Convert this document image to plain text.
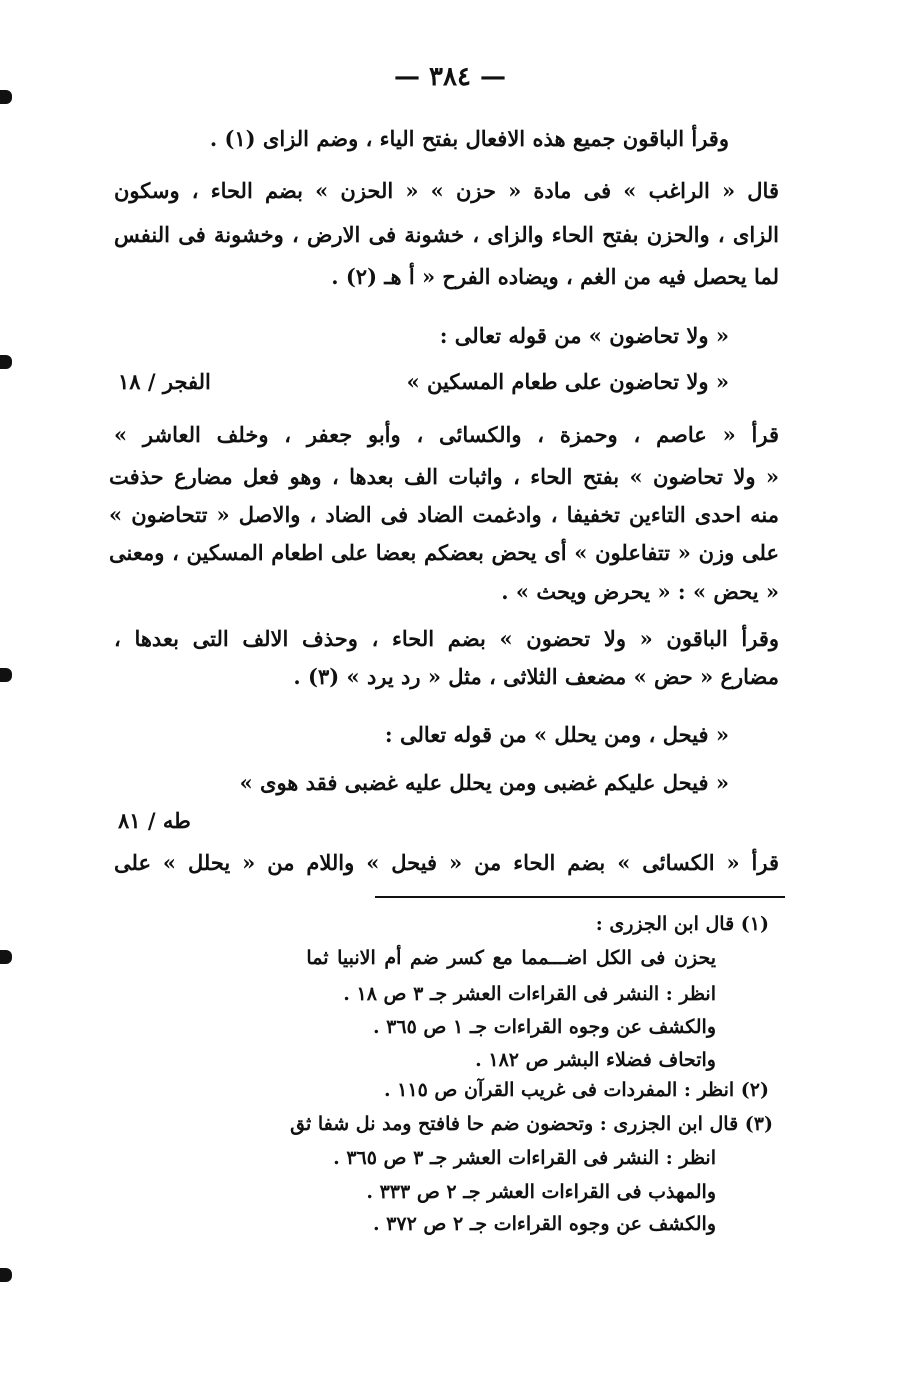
— ٣٨٤ —
وقرأ الباقون جميع هذه الافعال بفتح الياء ، وضم الزاى (١) .
قال « الراغب » فى مادة « حزن » « الحزن » بضم الحاء ، وسكون
الزاى ، والحزن بفتح الحاء والزاى ، خشونة فى الارض ، وخشونة فى النفس
لما يحصل فيه من الغم ، ويضاده الفرح « أ هـ (٢) .
« ولا تحاضون » من قوله تعالى :
« ولا تحاضون على طعام المسكين »
الفجر / ١٨
قرأ « عاصم ، وحمزة ، والكسائى ، وأبو جعفر ، وخلف العاشر »
« ولا تحاضون » بفتح الحاء ، واثبات الف بعدها ، وهو فعل مضارع حذفت
منه احدى التاءين تخفيفا ، وادغمت الضاد فى الضاد ، والاصل « تتحاضون »
على وزن « تتفاعلون » أى يحض بعضكم بعضا على اطعام المسكين ، ومعنى
« يحض » : « يحرض ويحث » .
وقرأ الباقون « ولا تحضون » بضم الحاء ، وحذف الالف التى بعدها ،
مضارع « حض » مضعف الثلاثى ، مثل « رد يرد » (٣) .
« فيحل ، ومن يحلل » من قوله تعالى :
« فيحل عليكم غضبى ومن يحلل عليه غضبى فقد هوى »
طه / ٨١
قرأ « الكسائى » بضم الحاء من « فيحل » واللام من « يحلل » على
(١) قال ابن الجزرى :
يحزن فى الكل اضـــمما مع كسر ضم أم الانبيا ثما
انظر : النشر فى القراءات العشر جـ ٣ ص ١٨ .
والكشف عن وجوه القراءات جـ ١ ص ٣٦٥ .
واتحاف فضلاء البشر ص ١٨٢ .
(٢) انظر : المفردات فى غريب القرآن ص ١١٥ .
(٣) قال ابن الجزرى : وتحضون ضم حا فافتح ومد نل شفا ثق
انظر : النشر فى القراءات العشر جـ ٣ ص ٣٦٥ .
والمهذب فى القراءات العشر جـ ٢ ص ٣٣٣ .
والكشف عن وجوه القراءات جـ ٢ ص ٣٧٢ .
